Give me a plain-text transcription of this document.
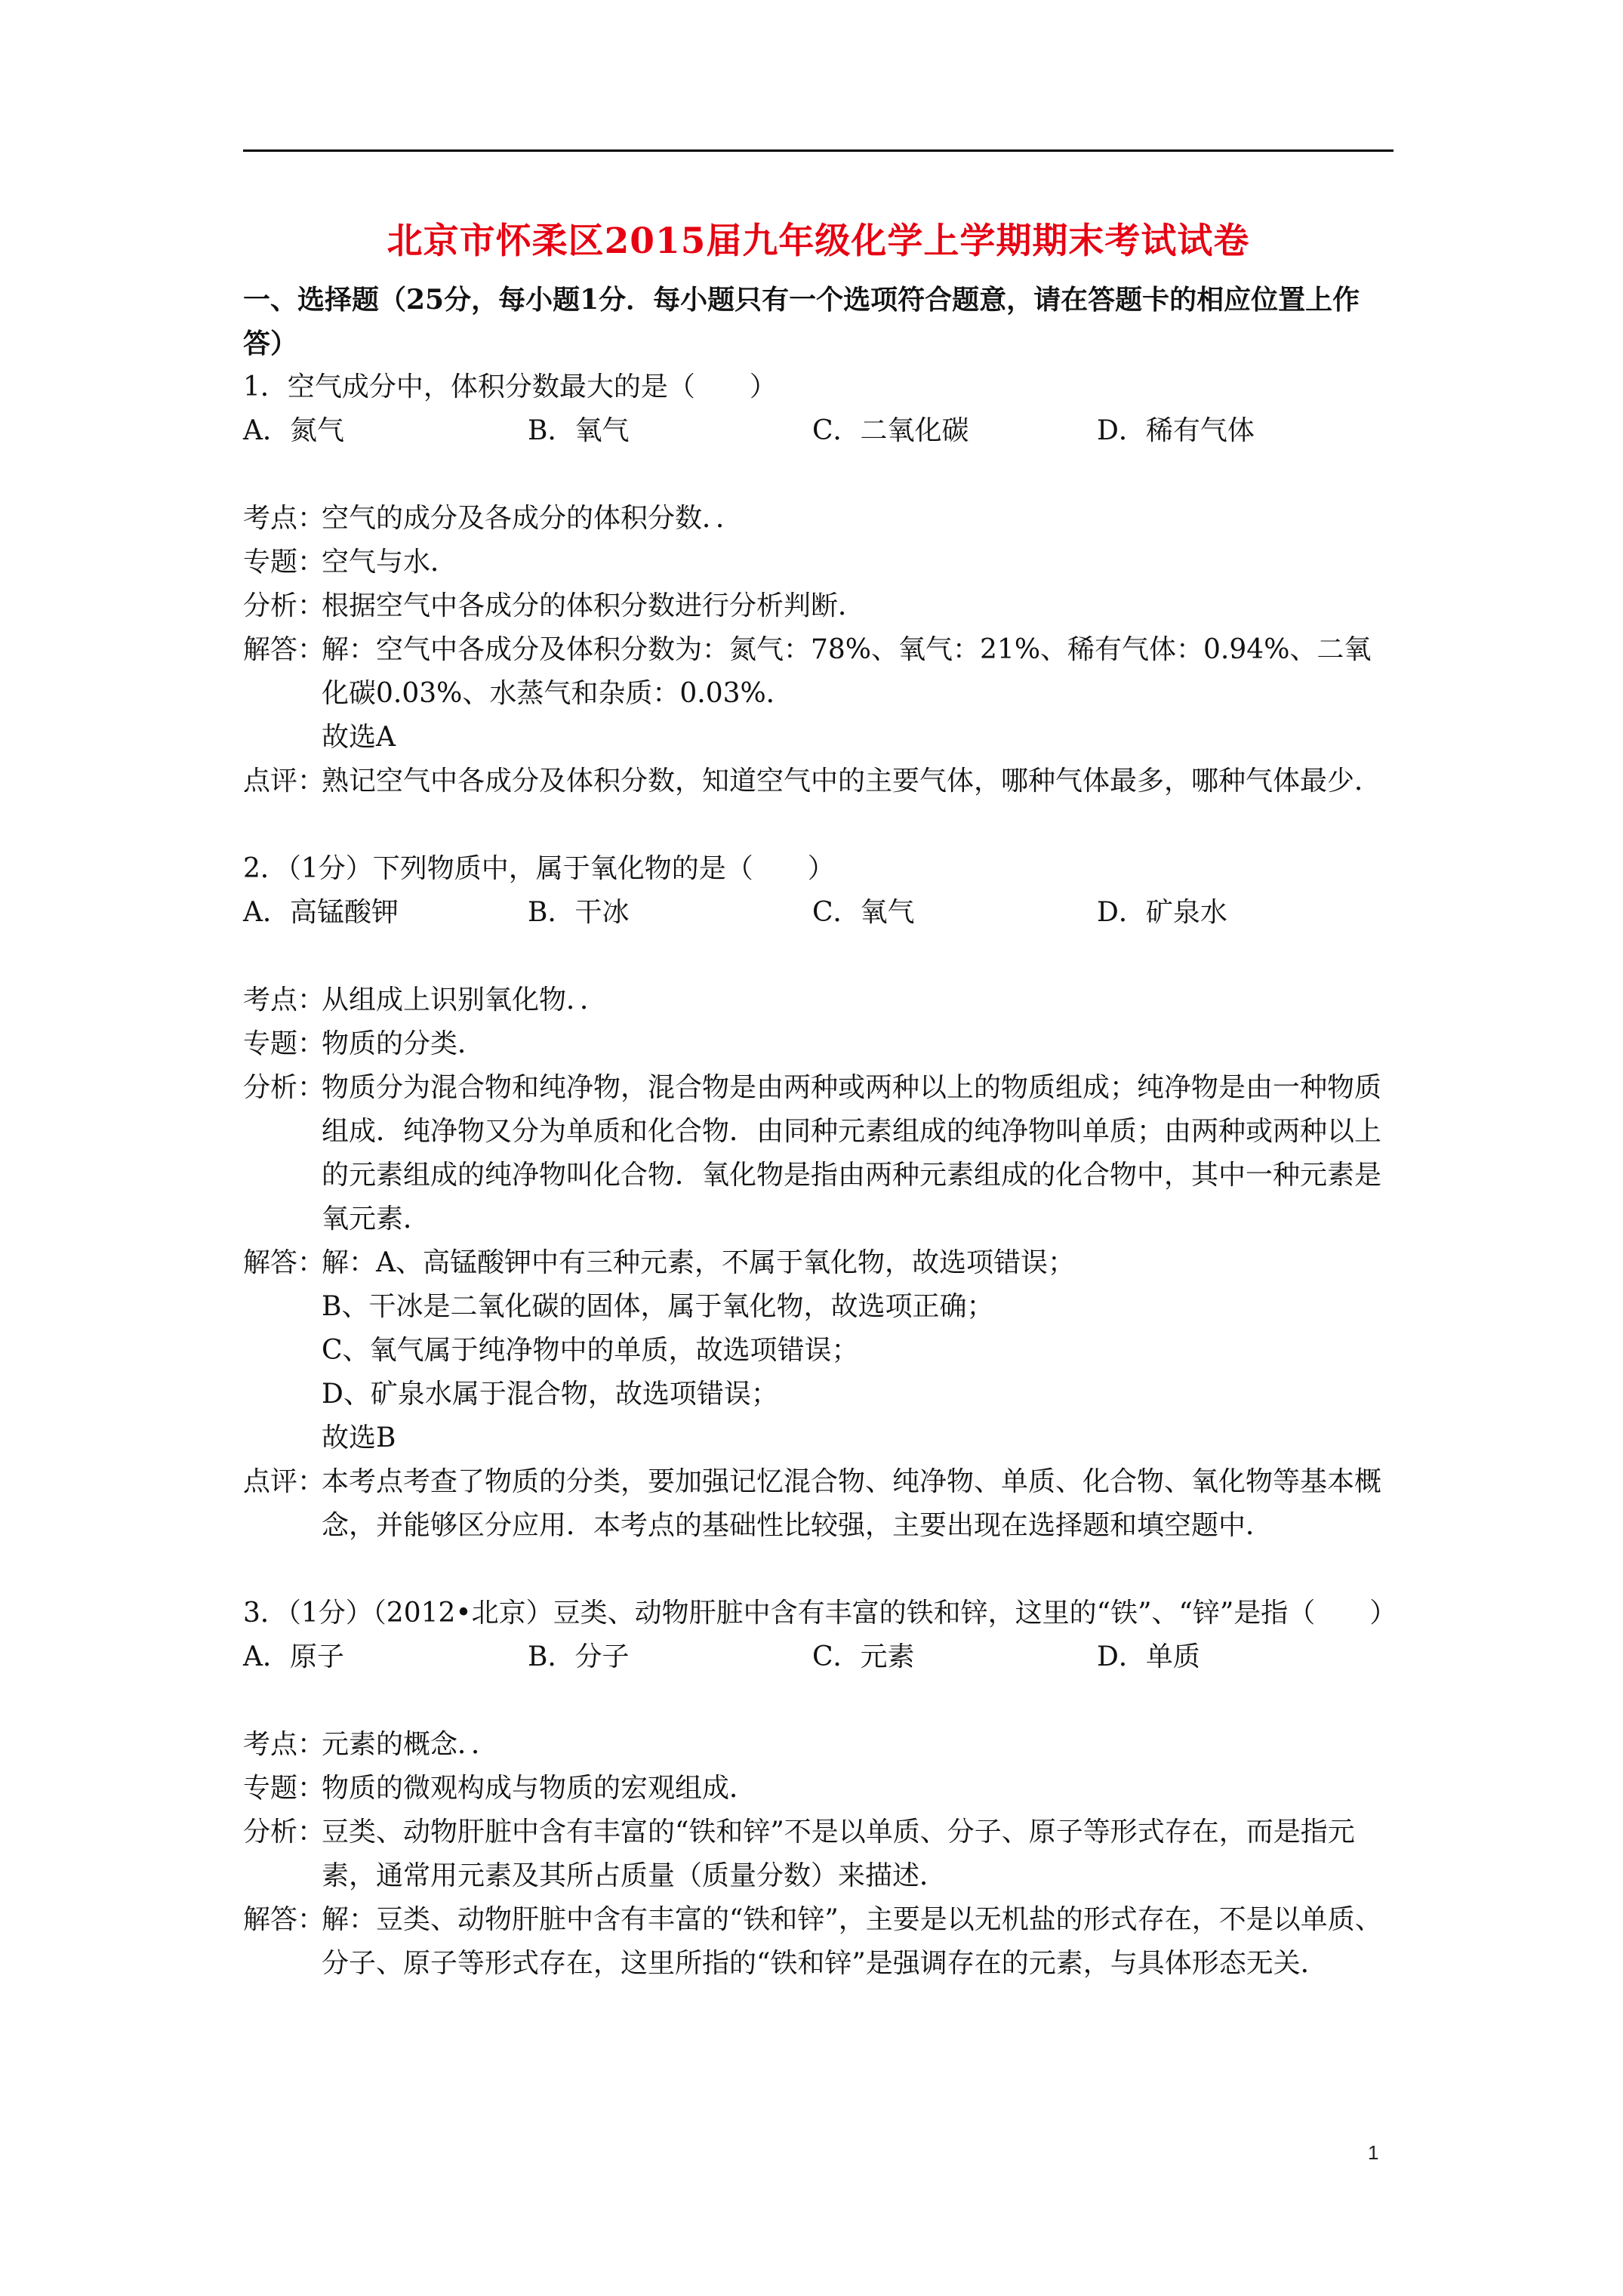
北京市怀柔区2015届九年级化学上学期期末考试试卷

一、选择题（25分，每小题1分．每小题只有一个选项符合题意，请在答题卡的相应位置上作答）

1．空气成分中，体积分数最大的是（　　）

A．氮气	B．氧气	C．二氧化碳	D．稀有气体
考点：

空气的成分及各成分的体积分数．．

专题：

空气与水．

分析：

根据空气中各成分的体积分数进行分析判断．

解答：

解：空气中各成分及体积分数为：氮气：78%、氧气：21%、稀有气体：0.94%、二氧化碳0.03%、水蒸气和杂质：0.03%．

故选A

点评：

熟记空气中各成分及体积分数，知道空气中的主要气体，哪种气体最多，哪种气体最少．

2．（1分）下列物质中，属于氧化物的是（　　）

A．高锰酸钾	B．干冰	C．氧气	D．矿泉水
考点：

从组成上识别氧化物．．

专题：

物质的分类．

分析：

物质分为混合物和纯净物，混合物是由两种或两种以上的物质组成；纯净物是由一种物质组成．纯净物又分为单质和化合物．由同种元素组成的纯净物叫单质；由两种或两种以上的元素组成的纯净物叫化合物．氧化物是指由两种元素组成的化合物中，其中一种元素是氧元素．

解答：

解：A、高锰酸钾中有三种元素，不属于氧化物，故选项错误；

B、干冰是二氧化碳的固体，属于氧化物，故选项正确；

C、氧气属于纯净物中的单质，故选项错误；

D、矿泉水属于混合物，故选项错误；

故选B

点评：

本考点考查了物质的分类，要加强记忆混合物、纯净物、单质、化合物、氧化物等基本概念，并能够区分应用．本考点的基础性比较强，主要出现在选择题和填空题中．

3．（1分）（2012•北京）豆类、动物肝脏中含有丰富的铁和锌，这里的“铁”、“锌”是指（　　）

A．原子	B．分子	C．元素	D．单质
考点：

元素的概念．．

专题：

物质的微观构成与物质的宏观组成．

分析：

豆类、动物肝脏中含有丰富的“铁和锌”不是以单质、分子、原子等形式存在，而是指元素，通常用元素及其所占质量（质量分数）来描述．

解答：

解：豆类、动物肝脏中含有丰富的“铁和锌”，主要是以无机盐的形式存在，不是以单质、分子、原子等形式存在，这里所指的“铁和锌”是强调存在的元素，与具体形态无关．

1
